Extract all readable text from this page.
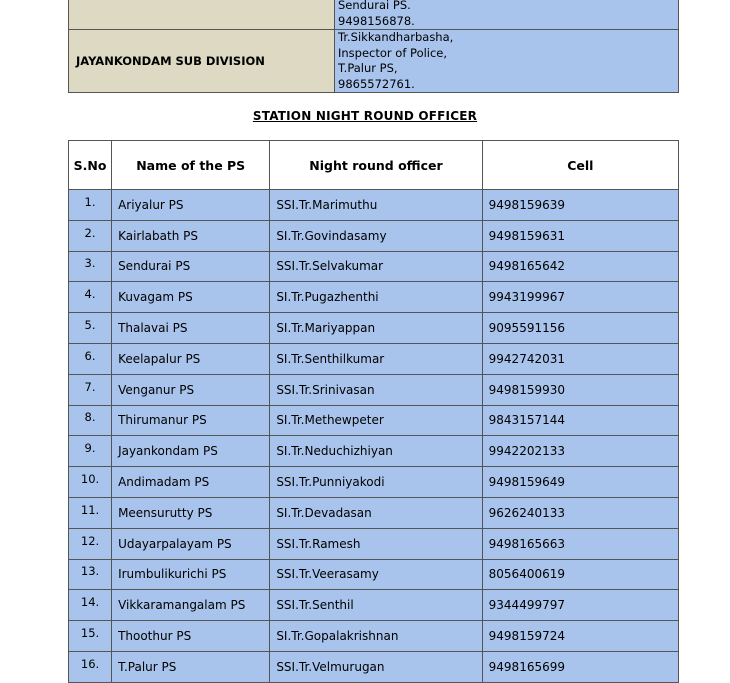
	Sendurai PS.
9498156878.

JAYANKONDAM SUB DIVISION	Tr.Sikkandharbasha,
Inspector of Police,
T.Palur PS,
9865572761.
STATION NIGHT ROUND OFFICER
S.No	Name of the PS	Night round officer	Cell
1.	Ariyalur PS	SSI.Tr.Marimuthu	9498159639
2.	Kairlabath PS	SI.Tr.Govindasamy	9498159631
3.	Sendurai PS	SSI.Tr.Selvakumar	9498165642
4.	Kuvagam PS	SI.Tr.Pugazhenthi	9943199967
5.	Thalavai PS	SI.Tr.Mariyappan	9095591156
6.	Keelapalur PS	SI.Tr.Senthilkumar	9942742031
7.	Venganur PS	SSI.Tr.Srinivasan	9498159930
8.	Thirumanur PS	SI.Tr.Methewpeter	9843157144
9.	Jayankondam PS	SI.Tr.Neduchizhiyan	9942202133
10.	Andimadam PS	SSI.Tr.Punniyakodi	9498159649
11.	Meensurutty PS	SI.Tr.Devadasan	9626240133
12.	Udayarpalayam PS	SSI.Tr.Ramesh	9498165663
13.	Irumbulikurichi PS	SSI.Tr.Veerasamy	8056400619
14.	Vikkaramangalam PS	SSI.Tr.Senthil	9344499797
15.	Thoothur PS	SI.Tr.Gopalakrishnan	9498159724
16.	T.Palur PS	SSI.Tr.Velmurugan	9498165699
